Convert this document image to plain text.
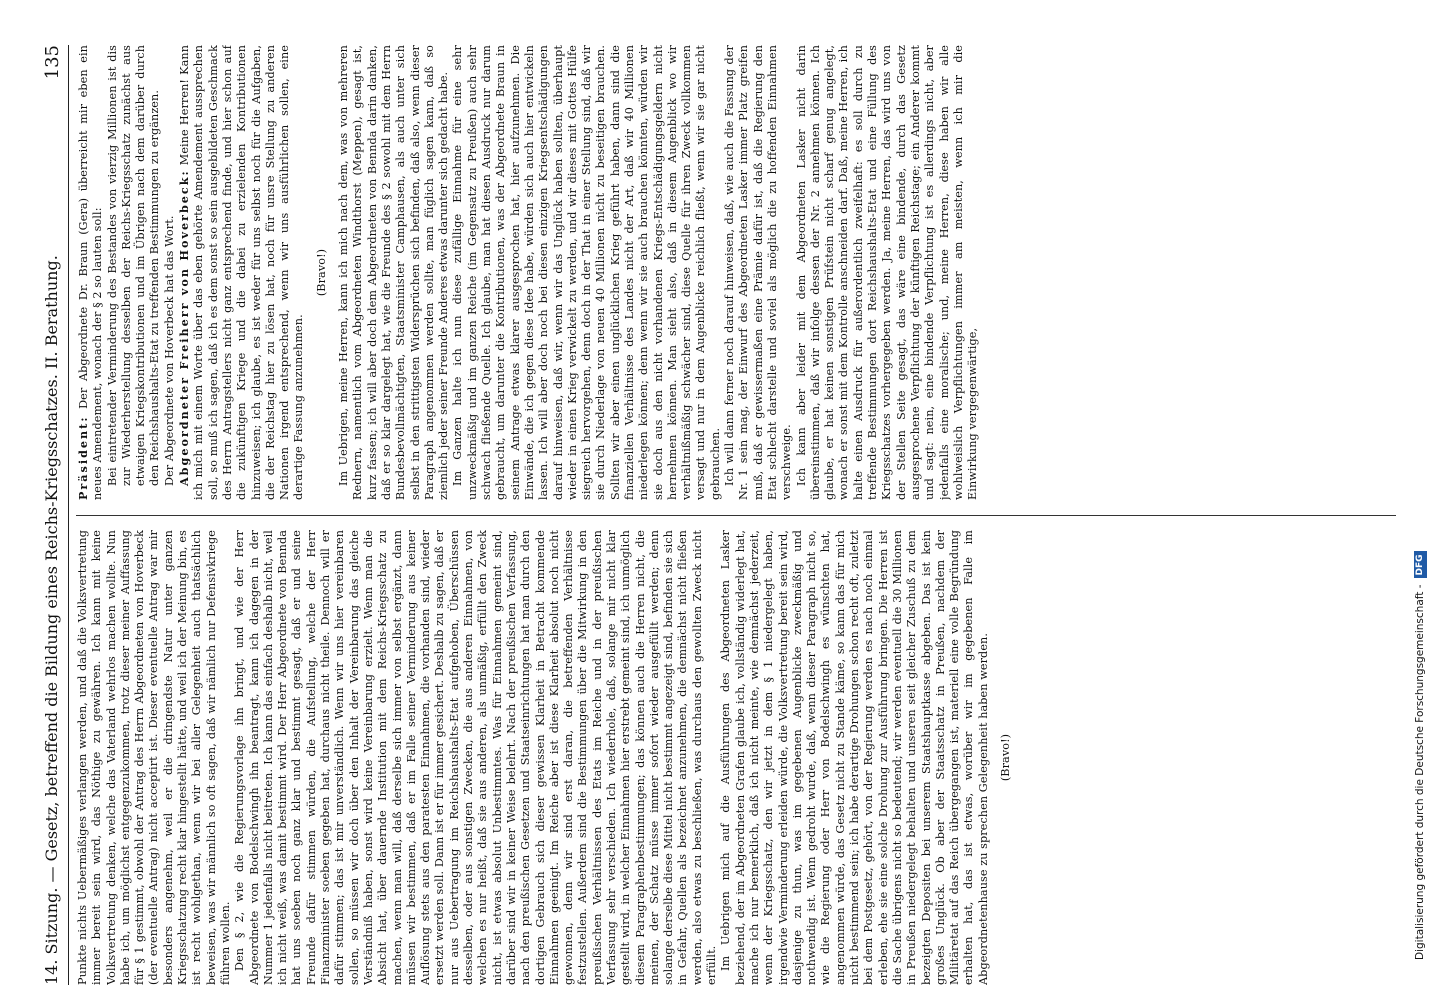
14. Sitzung. — Gesetz, betreffend die Bildung eines Reichs-Kriegsschatzes. II. Berathung.
135

Punkte nichts Uebermäßiges verlangen werden, und daß die Volksvertretung immer bereit sein wird, das Nöthige zu gewähren. Ich kann mit keine Volksvertretung denken, welche das Vaterland wehrlos machen wollte. Nun habe ich, um möglichst entgegenzukommen, trotz dieser meiner Auffassung für § 1 gestimmt, obwohl der Antrag des Herrn Abgeordneten von Hoverbeck (der eventuelle Antrag) nicht acceptirt ist. Dieser eventuelle Antrag war mir besonders angenehm, weil er die dringendste Natur unter ganzen Kriegsschatzung recht klar hingestellt hätte, und weil ich der Meinung bin, es ist recht wohlgethan, wenn wir bei aller Gelegenheit auch thatsächlich beweisen, was wir männlich so oft sagen, daß wir nämlich nur Defensivkriege führen wollen. Den § 2, wie die Regierungsvorlage ihn bringt, und wie der Herr Abgeordnete von Bodelschwingh ihn beantragt, kann ich dagegen in der Nummer 1 jedenfalls nicht beitreten. Ich kann das einfach deshalb nicht, weil ich nicht weiß, was damit bestimmt wird. Der Herr Abgeordnete von Bennda hat uns soeben noch ganz klar und bestimmt gesagt, daß er und seine Freunde dafür stimmen würden, die Aufstellung, welche der Herr Finanzminister soeben gegeben hat, durchaus nicht theile. Dennoch will er dafür stimmen; das ist mir unverständlich. Wenn wir uns hier vereinbaren sollen, so müssen wir doch über den Inhalt der Vereinbarung das gleiche Verständniß haben, sonst wird keine Vereinbarung erzielt. Wenn man die Absicht hat, über dauernde Institution mit dem Reichs-Kriegsschatz zu machen, wenn man will, daß derselbe sich immer von selbst ergänzt, dann müssen wir bestimmen, daß er im Falle seiner Verminderung aus keiner Auflösung stets aus den paratesten Einnahmen, die vorhanden sind, wieder ersetzt werden soll. Dann ist er für immer gesichert. Deshalb zu sagen, daß er nur aus Uebertragung im Reichshaushalts-Etat aufgehoben, Überschüssen desselben, oder aus sonstigen Zwecken, die aus anderen Einnahmen, von welchen es nur heißt, daß sie aus anderen, als unmäßig, erfüllt den Zweck nicht, ist etwas absolut Unbestimmtes. Was für Einnahmen gemeint sind, darüber sind wir in keiner Weise belehrt. Nach der preußischen Verfassung, nach den preußischen Gesetzen und Staatseinrichtungen hat man durch den dortigen Gebrauch sich dieser gewissen Klarheit in Betracht kommende Einnahmen geeinigt. Im Reiche aber ist diese Klarheit absolut noch nicht gewonnen, denn wir sind erst daran, die betreffenden Verhältnisse festzustellen. Außerdem sind die Bestimmungen über die Mitwirkung in den preußischen Verhältnissen des Etats im Reiche und in der preußischen Verfassung sehr verschieden. Ich wiederhole, daß, solange mir nicht klar gestellt wird, in welcher Einnahmen hier erstrebt gemeint sind, ich unmöglich diesem Paragraphenbestimmungen; das können auch die Herren nicht, die meinen, der Schatz müsse immer sofort wieder ausgefüllt werden; denn solange derselbe diese Mittel nicht bestimmt angezeigt sind, befinden sie sich in Gefahr, Quellen als bezeichnet anzunehmen, die demnächst nicht fließen werden, also etwas zu beschließen, was durchaus den gewollten Zweck nicht erfüllt. Im Uebrigen mich auf die Ausführungen des Abgeordneten Lasker beziehend, der im Abgeordneten Grafen glaube ich, vollständig widerlegt hat, mache ich nur bemerklich, daß ich nicht meinte, wie demnächst jederzeit, wenn der Kriegsschatz, den wir jetzt in dem § 1 niedergelegt haben, irgendwie Verminderung erleiden würde, die Volksvertretung bereit sein wird, dasjenige zu thun, was im gegebenen Augenblicke zweckmäßig und nothwendig ist. Wenn gedroht wurde, daß, wenn dieser Paragraph nicht so, wie die Regierung oder Herr von Bodelschwingh es wünschten hat, angenommen würde, das Gesetz nicht zu Stande käme, so kann das für mich nicht bestimmend sein; ich habe derartige Drohungen schon recht oft, zuletzt bei dem Postgesetz, gehört, von der Regierung werden es nach noch einmal erleben, ehe sie eine solche Drohung zur Ausführung bringen. Die Herren ist die Sache übrigens nicht so bedeutend; wir werden eventuell die 30 Millionen in Preußen niedergelegt behalten und unseren seit gleicher Zuschuß zu dem bezeigten Depositen bei unserem Staatshauptkasse abgeben. Das ist kein großes Unglück. Ob aber der Staatsschatz in Preußen, nachdem der Militäretat auf das Reich übergegangen ist, materiell eine volle Begründung erhalten hat, das ist etwas, worüber wir im gegebenen Falle im Abgeordnetenhause zu sprechen Gelegenheit haben werden. (Bravo!)

Präsident: Der Abgeordnete Dr. Braun (Gera) überreicht mir eben ein neues Amendement, wonach der § 2 so lauten soll: Bei eintretender Verminderung des Bestandes von vierzig Millionen ist dis zur Wiederherstellung desselben der Reichs-Kriegsschatz zunächst aus etwaigen Kriegskontributionen und im Übrigen nach dem darüber durch den Reichshaushalts-Etat zu treffenden Bestimmungen zu ergänzen. Der Abgeordnete von Hoverbeck hat das Wort. Abgeordneter Freiherr von Hoverbeck: Meine Herren! Kann ich mich mit einem Worte über das eben gehörte Amendement aussprechen soll, so muß ich sagen, daß ich es dem sonst so sein ausgebildeten Geschmack des Herrn Antragstellers nicht ganz entsprechend finde, und hier schon auf die zukünftigen Kriege und die dabei zu erzielenden Kontributionen hinzuweisen; ich glaube, es ist weder für uns selbst noch für die Aufgaben, die der Reichstag hier zu lösen hat, noch für unsre Stellung zu anderen Nationen irgend entsprechend, wenn wir uns ausführlichen sollen, eine derartige Fassung anzunehmen.

(Bravo!) Im Uebrigen, meine Herren, kann ich mich nach dem, was von mehreren Rednern, namentlich vom Abgeordneten Windthorst (Meppen), gesagt ist, kurz fassen; ich will aber doch dem Abgeordneten von Bennda darin danken, daß er so klar dargelegt hat, wie die Freunde des § 2 sowohl mit dem Herrn Bundesbevollmächtigten, Staatsminister Camphausen, als auch unter sich selbst in den strittigsten Widersprüchen sich befinden, daß also, wenn dieser Paragraph angenommen werden sollte, man füglich sagen kann, daß so ziemlich jeder seiner Freunde Anderes etwas darunter sich gedacht habe. Im Ganzen halte ich nun diese zufällige Einnahme für eine sehr unzweckmäßig und im ganzen Reiche (im Gegensatz zu Preußen) auch sehr schwach fließende Quelle. Ich glaube, man hat diesen Ausdruck nur darum gebraucht, um darunter die Kontributionen, was der Abgeordnete Braun in seinem Antrage etwas klarer ausgesprochen hat, hier aufzunehmen. Die Einwände, die ich gegen diese Idee habe, würden sich auch hier entwickeln lassen. Ich will aber doch noch bei diesen einzigen Kriegsentschädigungen darauf hinweisen, daß wir, wenn wir das Unglück haben sollten, überhaupt wieder in einen Krieg verwickelt zu werden, und wir dieses mit Gottes Hülfe siegreich hervorgehen, denn doch in der That in einer Stellung sind, daß wir sie durch Niederlage von neuen 40 Millionen nicht zu beseitigen brauchen. Sollten wir aber einen unglücklichen Krieg geführt haben, dann sind die finanziellen Verhältnisse des Landes nicht der Art, daß wir 40 Millionen niederlegen können; denn wenn wir sie auch brauchen könnten, würden wir sie doch aus den nicht vorhandenen Kriegs-Entschädigungsgeldern nicht hernehmen können. Man sieht also, daß in diesem Augenblick wo wir verhältnißmäßig schwächer sind, diese Quelle für ihren Zweck vollkommen versagt und nur in dem Augenblicke reichlich fließt, wenn wir sie gar nicht gebrauchen. Ich will dann ferner noch darauf hinweisen, daß, wie auch die Fassung der Nr. 1 sein mag, der Einwurf des Abgeordneten Lasker immer Platz greifen muß, daß er gewissermaßen eine Prämie dafür ist, daß die Regierung den Etat schlecht darstelle und soviel als möglich die zu hoffenden Einnahmen verschweige. Ich kann aber leider mit dem Abgeordneten Lasker nicht darin übereinstimmen, daß wir infolge dessen der Nr. 2 annehmen können. Ich glaube, er hat keinen sonstigen Prüfstein nicht scharf genug angelegt, wonach er sonst mit dem Kontrolle anschneiden darf. Daß, meine Herren, ich halte einen Ausdruck für außerordentlich zweifelhaft: es soll durch zu treffende Bestimmungen dort Reichshaushalts-Etat und eine Füllung des Kriegsschatzes vorhergegeben werden. Ja, meine Herren, das wird uns von der Stellen Seite gesagt, das wäre eine bindende, durch das Gesetz ausgesprochene Verpflichtung der künftigen Reichstage; ein Anderer kommt und sagt: nein, eine bindende Verpflichtung ist es allerdings nicht, aber jedenfalls eine moralische; und, meine Herren, diese haben wir alle wohlweislich Verpflichtungen immer am meisten, wenn ich mir die Einwirkung vergegenwärtige,

Digitalisierung gefördert durch die Deutsche Forschungsgemeinschaft -DFG
